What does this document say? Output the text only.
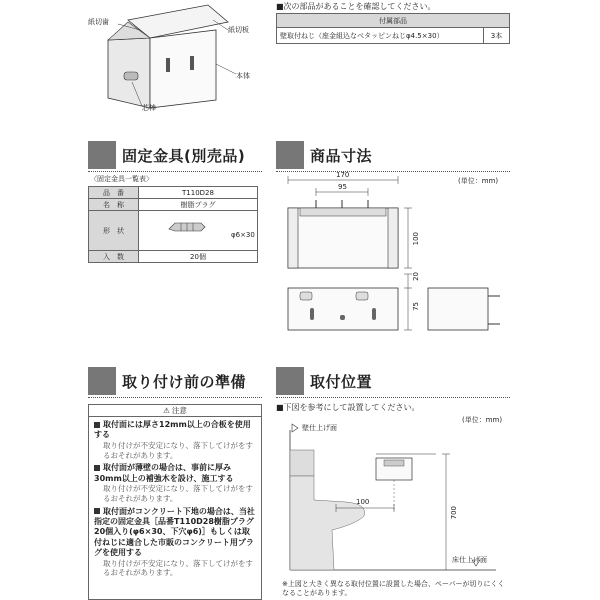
紙切歯
紙切板
本体
芯棒
■次の部品があることを確認してください。
付属部品
壁取付ねじ（座金組込なべタッピンねじφ4.5×30）	3本
固定金具(別売品)
〈固定金具一覧表〉
品　番	T110D28
名　称	樹脂プラグ
形　状	φ6×30

入　数	20個
商品寸法
(単位：mm)
170
95
100
20
75
取り付け前の準備
⚠ 注意
取付面には厚さ12mm以上の合板を使用する
取り付けが不安定になり、落下してけがをするおそれがあります。
取付面が薄壁の場合は、事前に厚み30mm以上の補強木を設け、施工する
取り付けが不安定になり、落下してけがをするおそれがあります。
取付面がコンクリート下地の場合は、当社指定の固定金具［品番T110D28樹脂プラグ20個入り(φ6×30、下穴φ6)］もしくは取付ねじに適合した市販のコンクリート用プラグを使用する
取り付けが不安定になり、落下してけがをするおそれがあります。
取付位置
■下図を参考にして設置してください。
(単位：mm)
壁仕上げ面
床仕上げ面
100
700
※上図と大きく異なる取付位置に設置した場合、ペーパーが切りにくくなることがあります。
